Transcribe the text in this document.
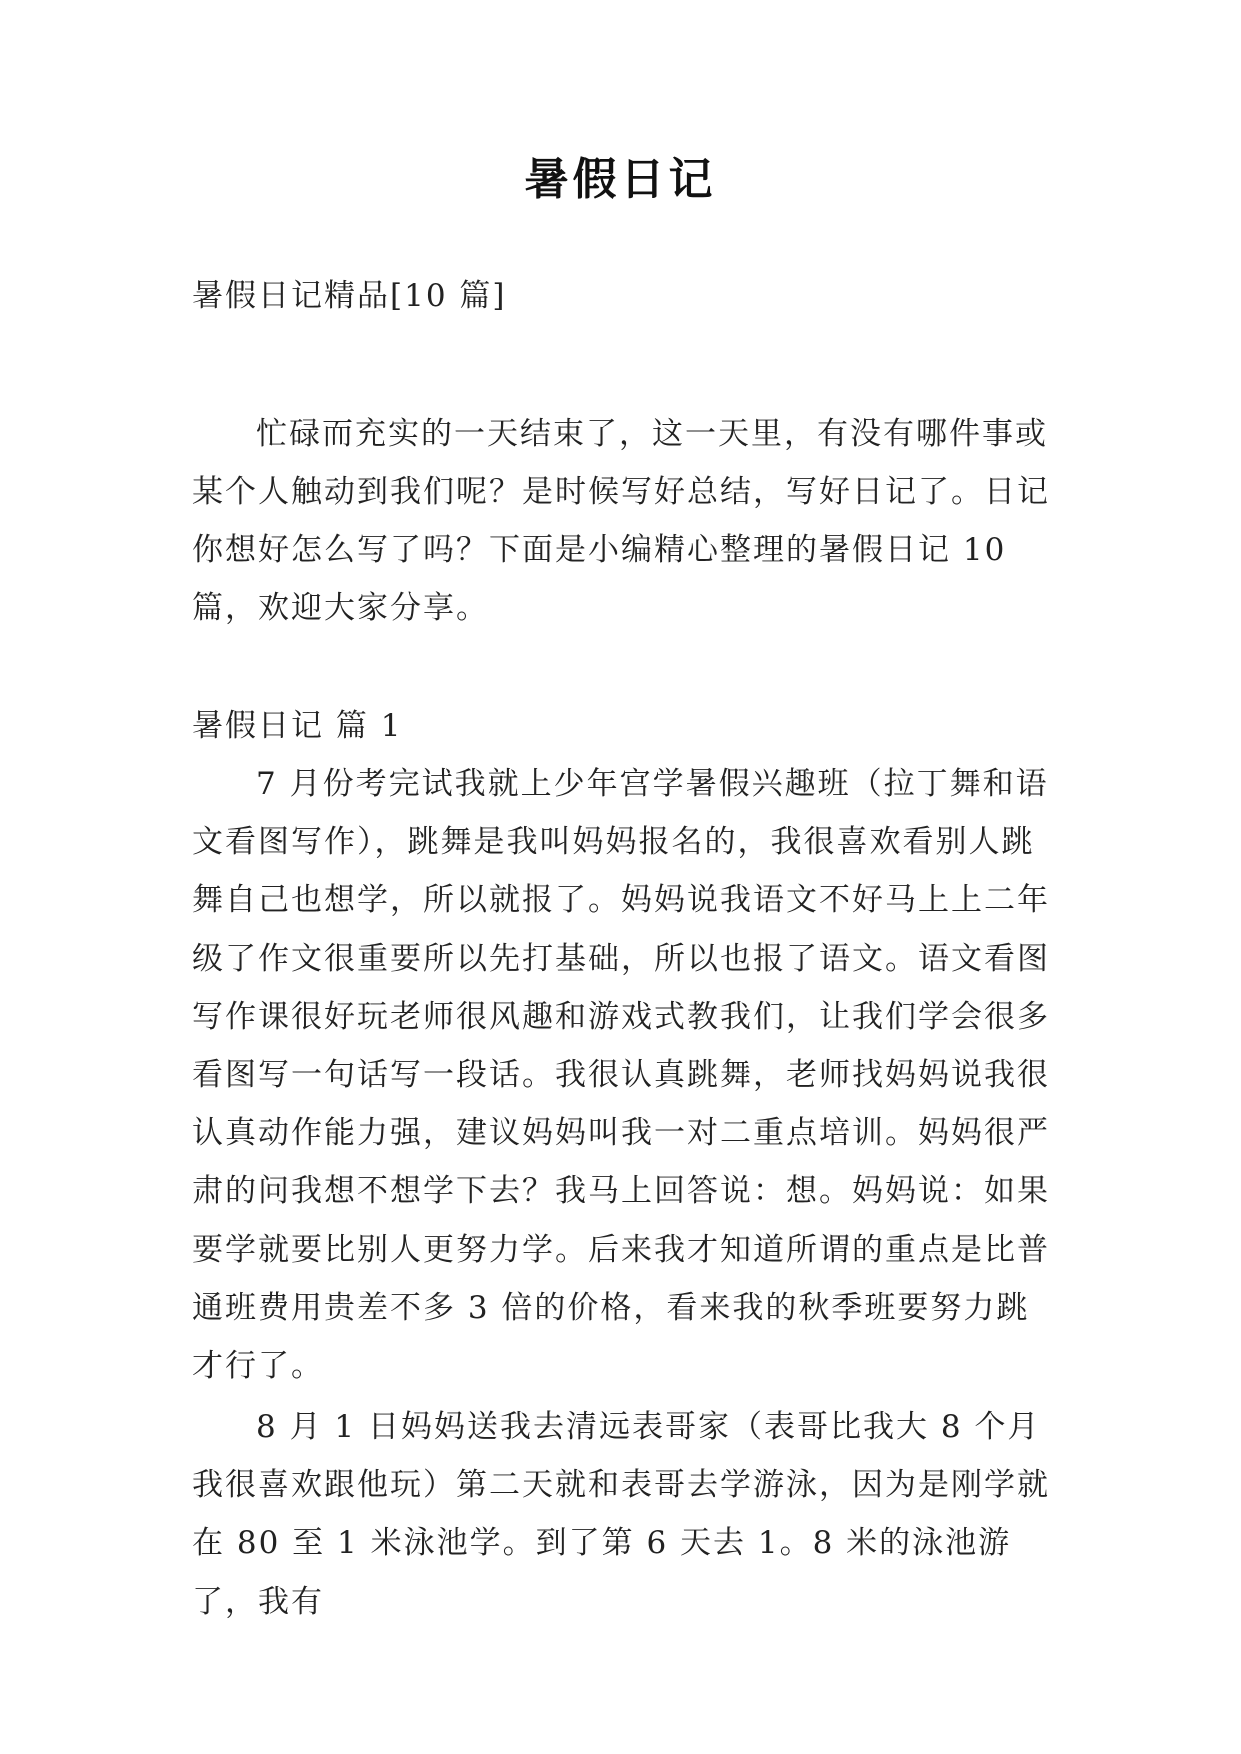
暑假日记

暑假日记精品[10 篇]

忙碌而充实的一天结束了，这一天里，有没有哪件事或某个人触动到我们呢？是时候写好总结，写好日记了。日记你想好怎么写了吗？下面是小编精心整理的暑假日记 10 篇，欢迎大家分享。

暑假日记 篇 1

7 月份考完试我就上少年宫学暑假兴趣班（拉丁舞和语文看图写作），跳舞是我叫妈妈报名的，我很喜欢看别人跳舞自己也想学，所以就报了。妈妈说我语文不好马上上二年级了作文很重要所以先打基础，所以也报了语文。语文看图写作课很好玩老师很风趣和游戏式教我们，让我们学会很多看图写一句话写一段话。我很认真跳舞，老师找妈妈说我很认真动作能力强，建议妈妈叫我一对二重点培训。妈妈很严肃的问我想不想学下去？我马上回答说：想。妈妈说：如果要学就要比别人更努力学。后来我才知道所谓的重点是比普通班费用贵差不多 3 倍的价格，看来我的秋季班要努力跳才行了。

8 月 1 日妈妈送我去清远表哥家（表哥比我大 8 个月我很喜欢跟他玩）第二天就和表哥去学游泳，因为是刚学就在 80 至 1 米泳池学。到了第 6 天去 1。8 米的泳池游了，我有
